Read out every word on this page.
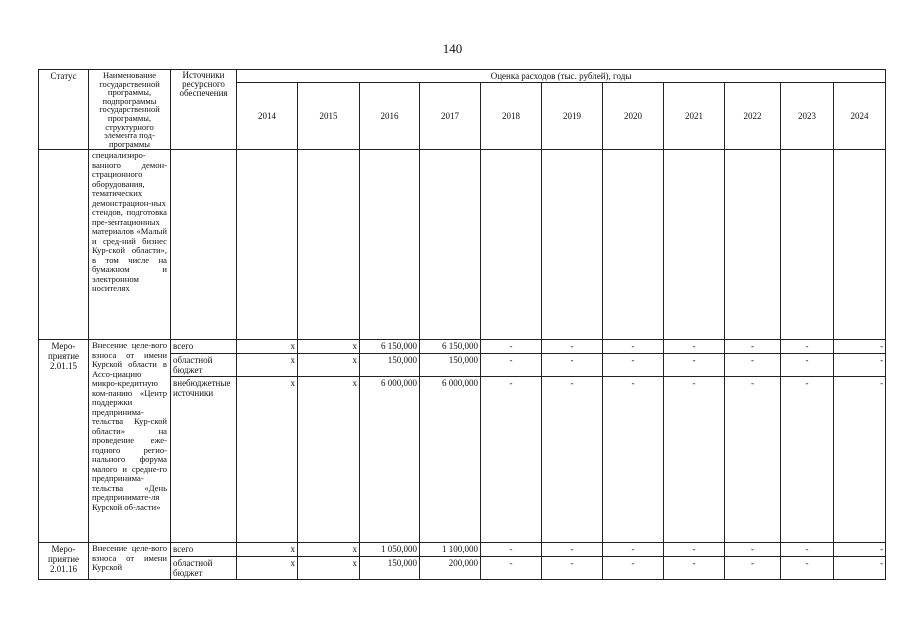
140
Статус	Наименование государственной программы, подпрограммы государственной программы, структурного элемента под-программы	Источники ресурсного обеспечения	Оценка расходов (тыс. рублей), годы										
			2014	2015	2016	2017	2018	2019	2020	2021	2022	2023	2024
	специализиро-ванного демон-страционного оборудования, тематических демонстрацион-ных стендов, подготовка пре-зентационных материалов «Малый и сред-ний бизнес Кур-ской области», в том числе на бумажном и электронном носителях												
Меро-приятие 2.01.15	Внесение целе-вого взноса от имени Курской области в Ассо-циацию микро-кредитную ком-панию «Центр поддержки предпринима-тельства Кур-ской области» на проведение еже-годного регио-нального форума малого и средне-го предпринима-тельства «День предпринимате-ля Курской об-ласти»	всего	x	x	6 150,000	6 150,000	-	-	-	-	-	-	-
		областной бюджет	x	x	150,000	150,000	-	-	-	-	-	-	-
		внебюджетные источники	x	x	6 000,000	6 000,000	-	-	-	-	-	-	-
Меро-приятие 2.01.16	Внесение целе-вого взноса от имени Курской	всего	x	x	1 050,000	1 100,000	-	-	-	-	-	-	-
		областной бюджет	x	x	150,000	200,000	-	-	-	-	-	-	-
